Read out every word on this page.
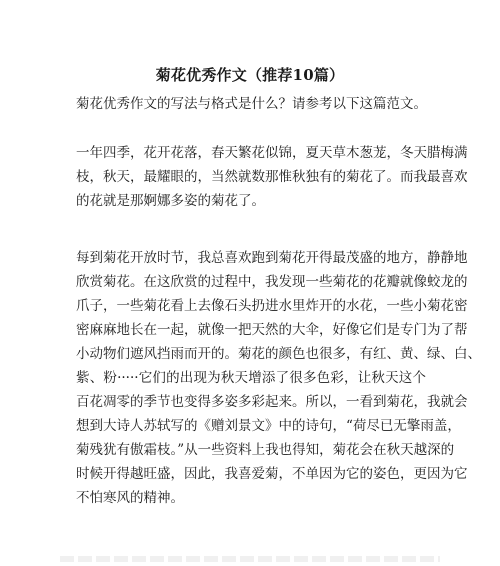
菊花优秀作文（推荐10篇）
菊花优秀作文的写法与格式是什么？请参考以下这篇范文。

一年四季，花开花落，春天繁花似锦，夏天草木葱茏，冬天腊梅满
枝，秋天，最耀眼的，当然就数那惟秋独有的菊花了。而我最喜欢
的花就是那婀娜多姿的菊花了。

每到菊花开放时节，我总喜欢跑到菊花开得最茂盛的地方，静静地
欣赏菊花。在这欣赏的过程中，我发现一些菊花的花瓣就像蛟龙的
爪子，一些菊花看上去像石头扔进水里炸开的水花，一些小菊花密
密麻麻地长在一起，就像一把天然的大伞，好像它们是专门为了帮
小动物们遮风挡雨而开的。菊花的颜色也很多，有红、黄、绿、白、
紫、粉·····它们的出现为秋天增添了很多色彩，让秋天这个
百花凋零的季节也变得多姿多彩起来。所以，一看到菊花，我就会
想到大诗人苏轼写的《赠刘景文》中的诗句，“荷尽已无擎雨盖，
菊残犹有傲霜枝。”从一些资料上我也得知，菊花会在秋天越深的
时候开得越旺盛，因此，我喜爱菊，不单因为它的姿色，更因为它
不怕寒风的精神。
